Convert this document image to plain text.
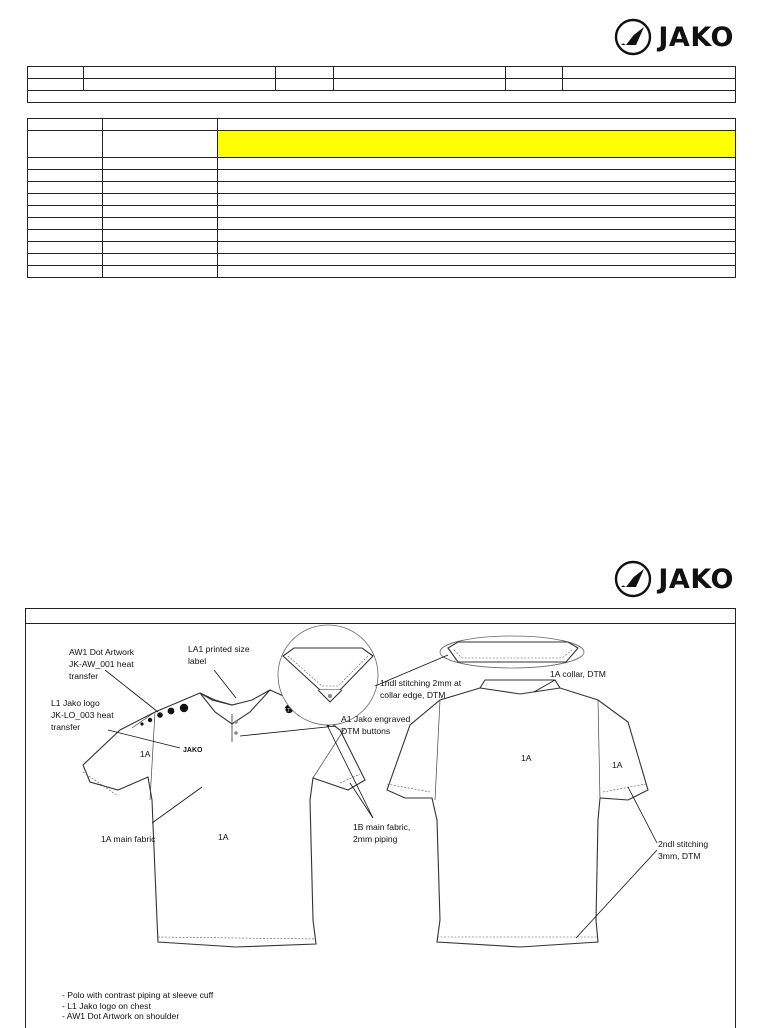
JAKO

JAKO
17
AW1 Dot Artwork JK-AW_001 heat transfer
LA1 printed size label
L1 Jako logo JK-LO_003 heat transfer
JAKO
1ndl stitching 2mm at collar edge, DTM
1A collar, DTM
A1 Jako engraved DTM buttons
1A
1A
1A
1A
1A main fabric
1B main fabric, 2mm piping	2ndl stitching 3mm, DTM
- Polo with contrast piping at sleeve cuff
- L1 Jako logo on chest
- AW1 Dot Artwork on shoulder
